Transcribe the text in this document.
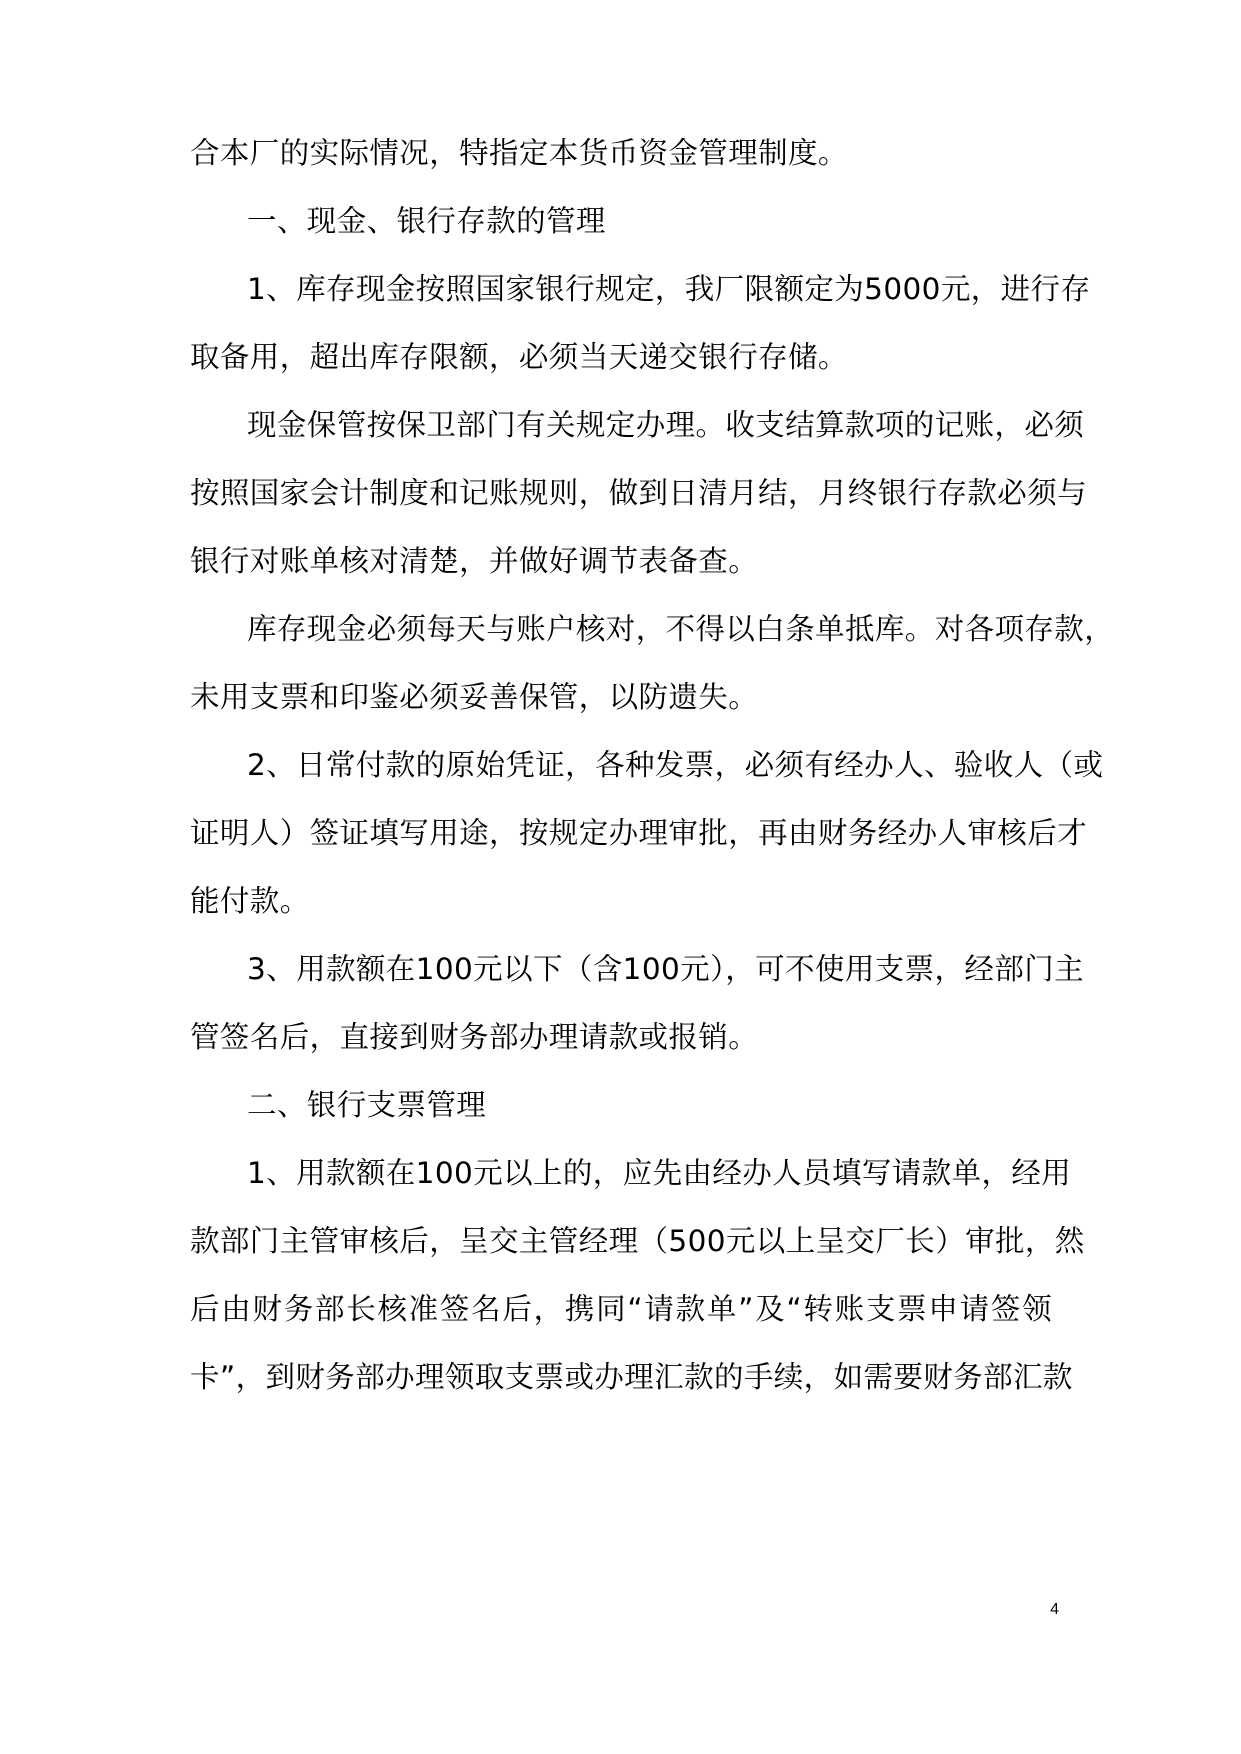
合本厂的实际情况，特指定本货币资金管理制度。

一、现金、银行存款的管理

1、库存现金按照国家银行规定，我厂限额定为5000元，进行存

取备用，超出库存限额，必须当天递交银行存储。

现金保管按保卫部门有关规定办理。收支结算款项的记账，必须

按照国家会计制度和记账规则，做到日清月结，月终银行存款必须与

银行对账单核对清楚，并做好调节表备查。

库存现金必须每天与账户核对，不得以白条单抵库。对各项存款，

未用支票和印鉴必须妥善保管，以防遗失。

2、日常付款的原始凭证，各种发票，必须有经办人、验收人（或

证明人）签证填写用途，按规定办理审批，再由财务经办人审核后才

能付款。

3、用款额在100元以下（含100元），可不使用支票，经部门主

管签名后，直接到财务部办理请款或报销。

二、银行支票管理

1、用款额在100元以上的，应先由经办人员填写请款单，经用

款部门主管审核后，呈交主管经理（500元以上呈交厂长）审批，然

后由财务部长核准签名后，携同“请款单”及“转账支票申请签领

卡”，到财务部办理领取支票或办理汇款的手续，如需要财务部汇款

4
